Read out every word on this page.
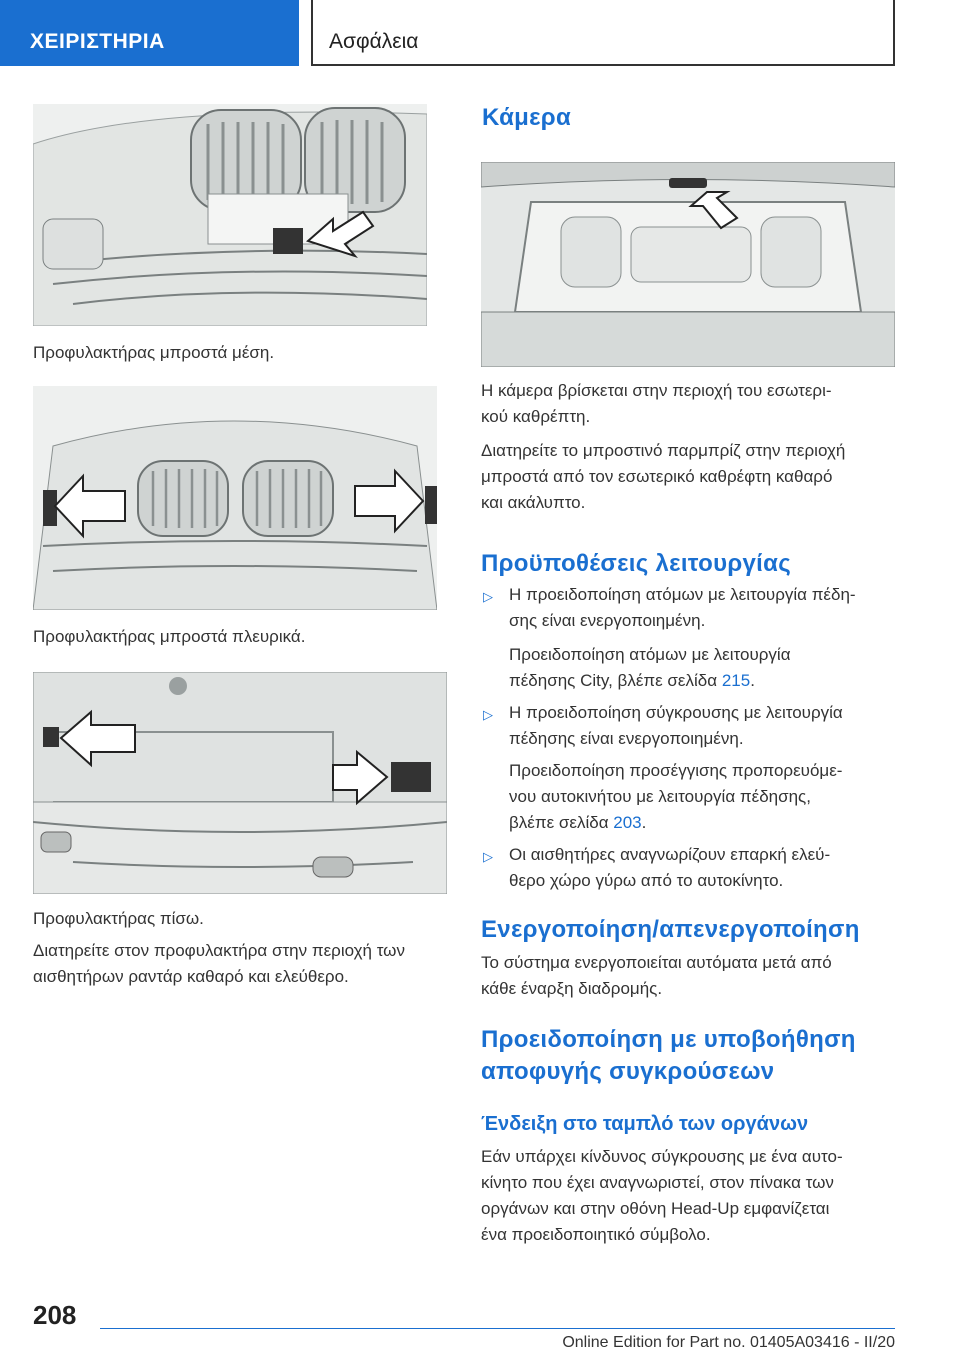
ΧΕΙΡΙΣΤΗΡΙΑ	Ασφάλεια
Προφυλακτήρας μπροστά μέση.
Προφυλακτήρας μπροστά πλευρικά.
Προφυλακτήρας πίσω.
Διατηρείτε στον προφυλακτήρα στην περιοχή των
αισθητήρων ραντάρ καθαρό και ελεύθερο.
Κάμερα
Η κάμερα βρίσκεται στην περιοχή του εσωτερι-
κού καθρέπτη.
Διατηρείτε το μπροστινό παρμπρίζ στην περιοχή
μπροστά από τον εσωτερικό καθρέφτη καθαρό
και ακάλυπτο.
Προϋποθέσεις λειτουργίας
▷ Η προειδοποίηση ατόμων με λειτουργία πέδη-
σης είναι ενεργοποιημένη.
Προειδοποίηση ατόμων με λειτουργία
πέδησης City, βλέπε σελίδα 215.
▷ Η προειδοποίηση σύγκρουσης με λειτουργία
πέδησης είναι ενεργοποιημένη.
Προειδοποίηση προσέγγισης προπορευόμε-
νου αυτοκινήτου με λειτουργία πέδησης,
βλέπε σελίδα 203.
▷ Οι αισθητήρες αναγνωρίζουν επαρκή ελεύ-
θερο χώρο γύρω από το αυτοκίνητο.
Ενεργοποίηση/απενεργοποίηση
Το σύστημα ενεργοποιείται αυτόματα μετά από
κάθε έναρξη διαδρομής.
Προειδοποίηση με υποβοήθηση
αποφυγής συγκρούσεων
Ένδειξη στο ταμπλό των οργάνων
Εάν υπάρχει κίνδυνος σύγκρουσης με ένα αυτο-
κίνητο που έχει αναγνωριστεί, στον πίνακα των
οργάνων και στην οθόνη Head-Up εμφανίζεται
ένα προειδοποιητικό σύμβολο.
208
Online Edition for Part no. 01405A03416 - II/20
